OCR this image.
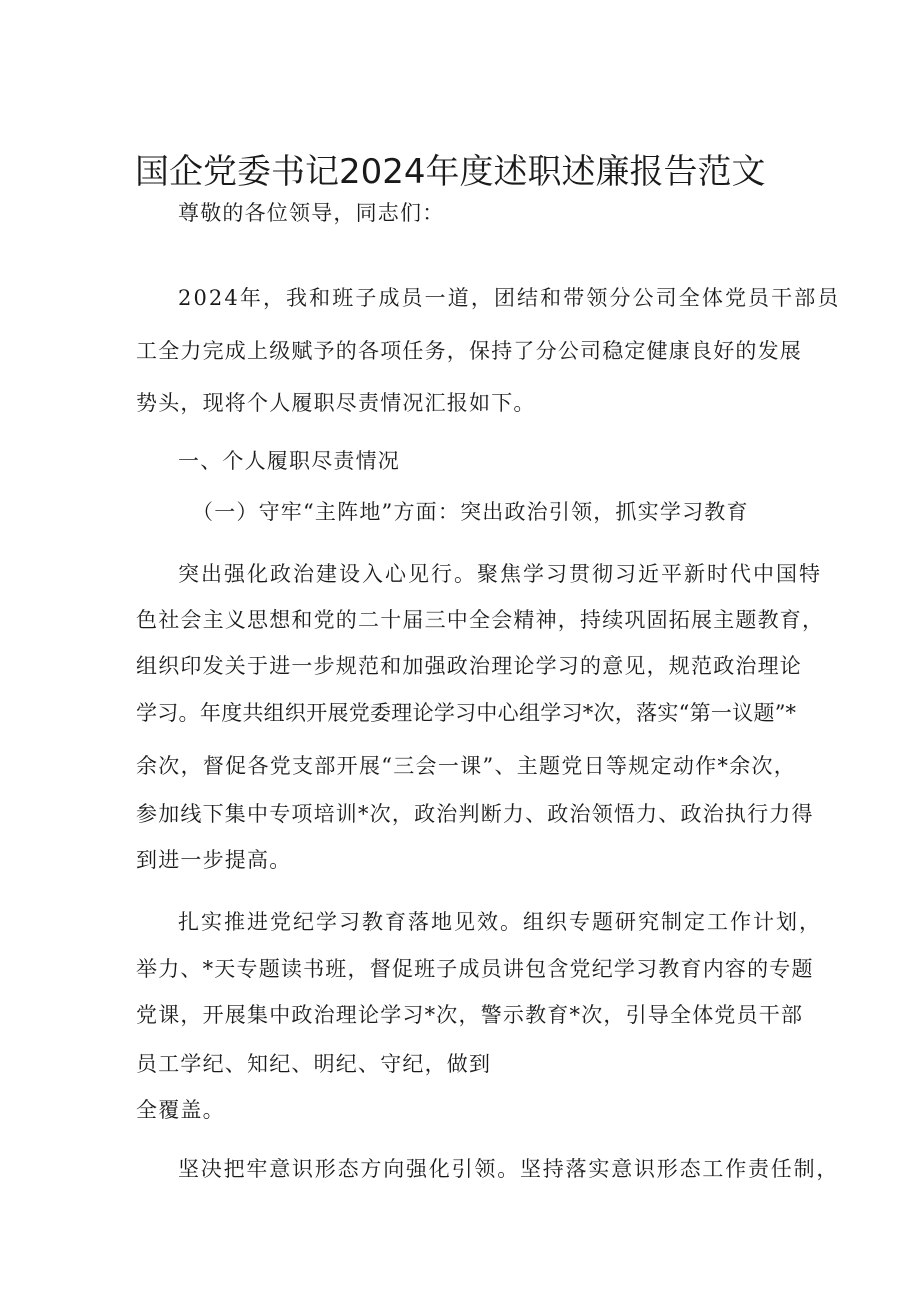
国企党委书记2024年度述职述廉报告范文

尊敬的各位领导，同志们：

2024年，我和班子成员一道，团结和带领分公司全体党员干部员

工全力完成上级赋予的各项任务，保持了分公司稳定健康良好的发展

势头，现将个人履职尽责情况汇报如下。

一、个人履职尽责情况

（一）守牢“主阵地”方面：突出政治引领，抓实学习教育

突出强化政治建设入心见行。聚焦学习贯彻习近平新时代中国特

色社会主义思想和党的二十届三中全会精神，持续巩固拓展主题教育，

组织印发关于进一步规范和加强政治理论学习的意见，规范政治理论

学习。年度共组织开展党委理论学习中心组学习*次，落实“第一议题”*

余次，督促各党支部开展“三会一课”、主题党日等规定动作*余次，

参加线下集中专项培训*次，政治判断力、政治领悟力、政治执行力得

到进一步提高。

扎实推进党纪学习教育落地见效。组织专题研究制定工作计划，

举力、*天专题读书班，督促班子成员讲包含党纪学习教育内容的专题

党课，开展集中政治理论学习*次，警示教育*次，引导全体党员干部

员工学纪、知纪、明纪、守纪，做到

全覆盖。

坚决把牢意识形态方向强化引领。坚持落实意识形态工作责任制，
